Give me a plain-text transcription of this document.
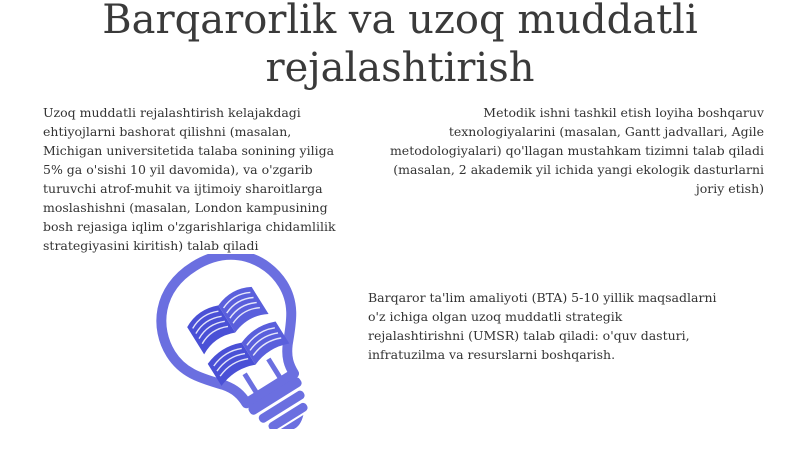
Barqarorlik va uzoq muddatli rejalashtirish

Uzoq muddatli rejalashtirish kelajakdagi ehtiyojlarni bashorat qilishni (masalan, Michigan universitetida talaba sonining yiliga 5% ga o'sishi 10 yil davomida), va o'zgarib turuvchi atrof-muhit va ijtimoiy sharoitlarga moslashishni (masalan, London kampusining bosh rejasiga iqlim o'zgarishlariga chidamlilik strategiyasini kiritish) talab qiladi

Metodik ishni tashkil etish loyiha boshqaruv texnologiyalarini (masalan, Gantt jadvallari, Agile metodologiyalari) qo'llagan mustahkam tizimni talab qiladi (masalan, 2 akademik yil ichida yangi ekologik dasturlarni joriy etish)

Barqaror ta'lim amaliyoti (BTA) 5-10 yillik maqsadlarni o'z ichiga olgan uzoq muddatli strategik rejalashtirishni (UMSR) talab qiladi: o'quv dasturi, infratuzilma va resurslarni boshqarish.
